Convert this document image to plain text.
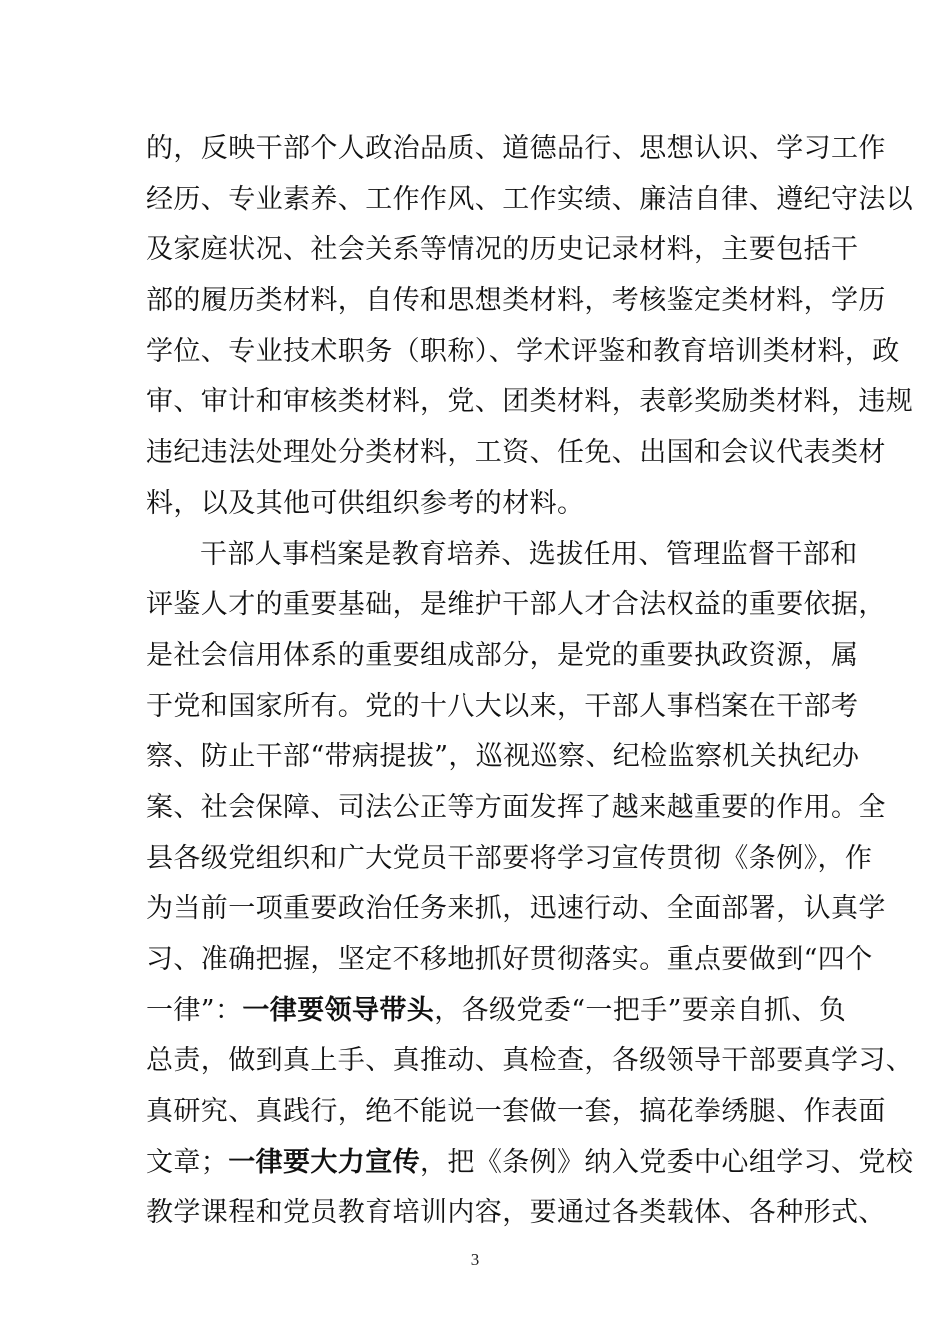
的，反映干部个人政治品质、道德品行、思想认识、学习工作
经历、专业素养、工作作风、工作实绩、廉洁自律、遵纪守法以
及家庭状况、社会关系等情况的历史记录材料，主要包括干
部的履历类材料，自传和思想类材料，考核鉴定类材料，学历
学位、专业技术职务（职称）、学术评鉴和教育培训类材料，政
审、审计和审核类材料，党、团类材料，表彰奖励类材料，违规
违纪违法处理处分类材料，工资、任免、出国和会议代表类材
料，以及其他可供组织参考的材料。
干部人事档案是教育培养、选拔任用、管理监督干部和
评鉴人才的重要基础，是维护干部人才合法权益的重要依据，
是社会信用体系的重要组成部分，是党的重要执政资源，属
于党和国家所有。党的十八大以来，干部人事档案在干部考
察、防止干部“带病提拔”，巡视巡察、纪检监察机关执纪办
案、社会保障、司法公正等方面发挥了越来越重要的作用。全
县各级党组织和广大党员干部要将学习宣传贯彻《条例》，作
为当前一项重要政治任务来抓，迅速行动、全面部署，认真学
习、准确把握，坚定不移地抓好贯彻落实。重点要做到“四个
一律”：一律要领导带头，各级党委“一把手”要亲自抓、负
总责，做到真上手、真推动、真检查，各级领导干部要真学习、
真研究、真践行，绝不能说一套做一套，搞花拳绣腿、作表面
文章；一律要大力宣传，把《条例》纳入党委中心组学习、党校
教学课程和党员教育培训内容，要通过各类载体、各种形式、
3
